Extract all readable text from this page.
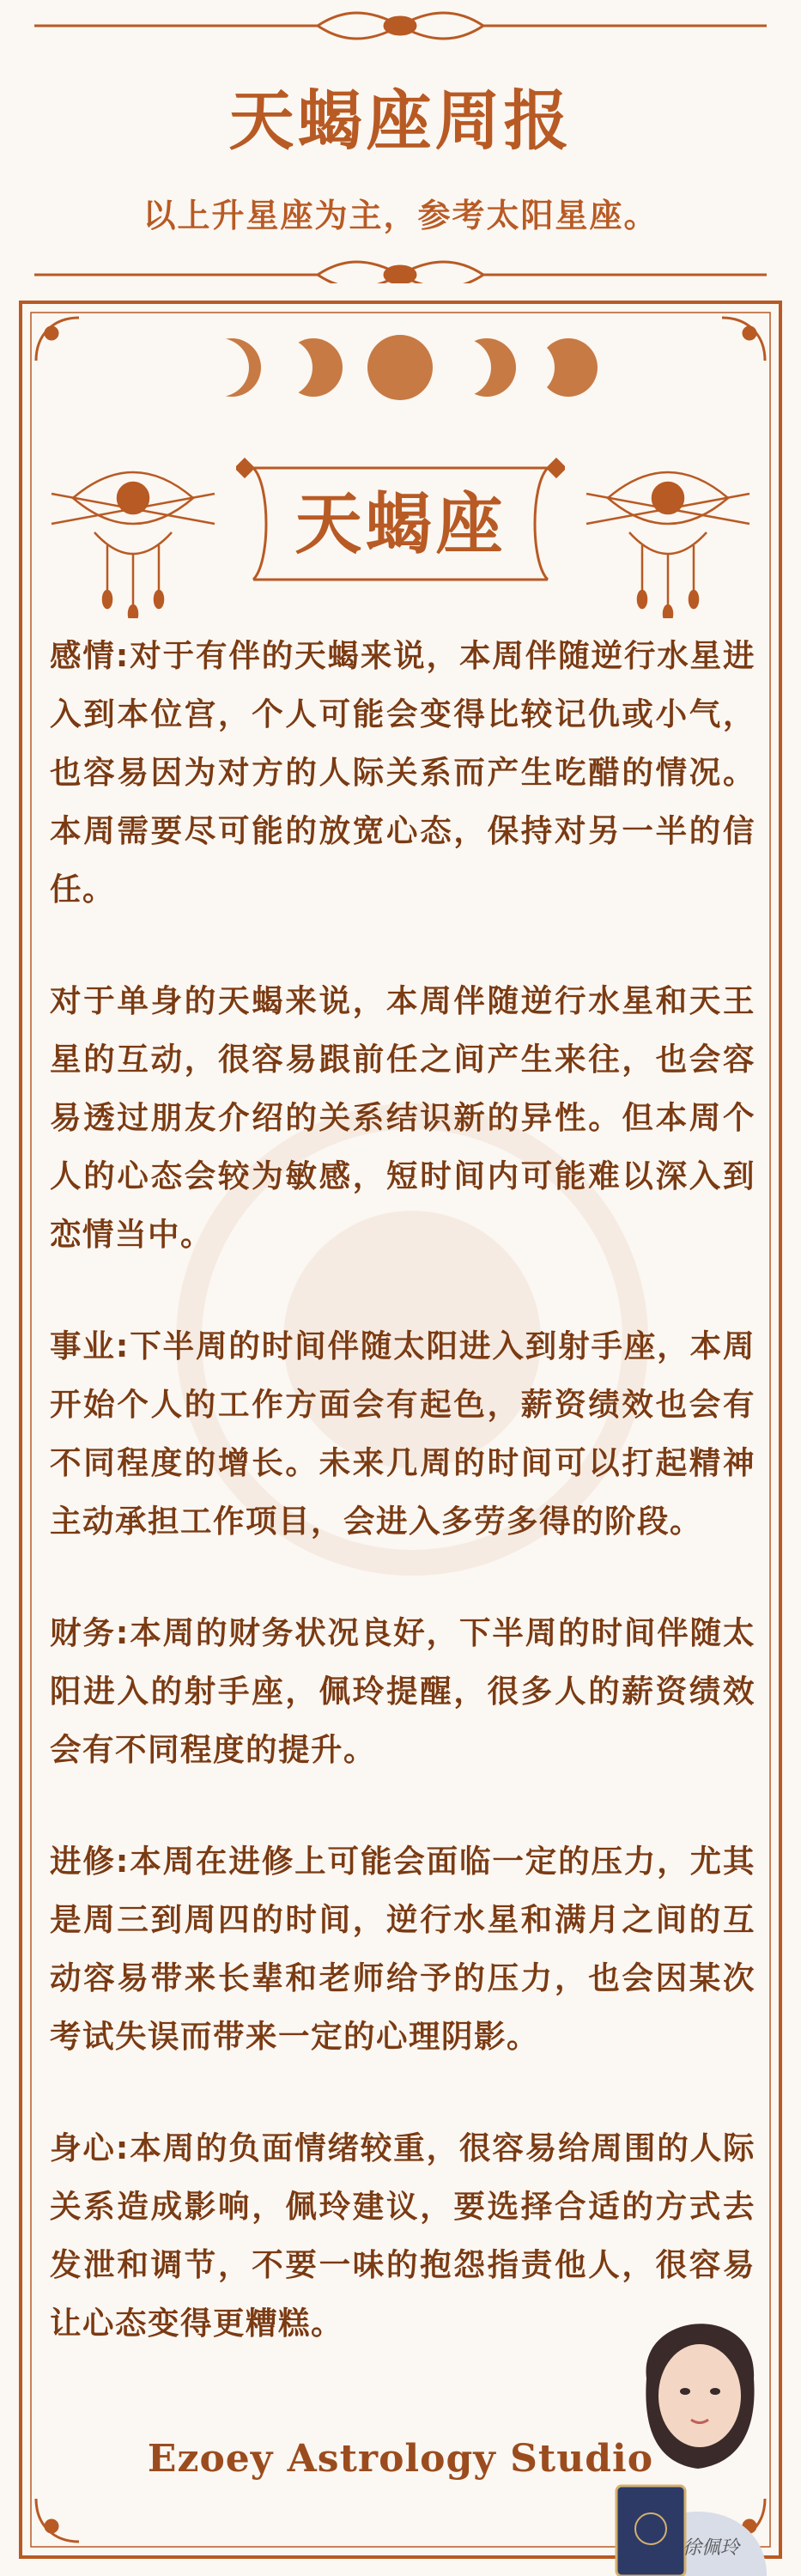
天蝎座周报

以上升星座为主，参考太阳星座。

天蝎座

感情:对于有伴的天蝎来说，本周伴随逆行水星进入到本位宫，个人可能会变得比较记仇或小气，也容易因为对方的人际关系而产生吃醋的情况。本周需要尽可能的放宽心态，保持对另一半的信任。

对于单身的天蝎来说，本周伴随逆行水星和天王星的互动，很容易跟前任之间产生来往，也会容易透过朋友介绍的关系结识新的异性。但本周个人的心态会较为敏感，短时间内可能难以深入到恋情当中。

事业:下半周的时间伴随太阳进入到射手座，本周开始个人的工作方面会有起色，薪资绩效也会有不同程度的增长。未来几周的时间可以打起精神主动承担工作项目，会进入多劳多得的阶段。

财务:本周的财务状况良好，下半周的时间伴随太阳进入的射手座，佩玲提醒，很多人的薪资绩效会有不同程度的提升。

进修:本周在进修上可能会面临一定的压力，尤其是周三到周四的时间，逆行水星和满月之间的互动容易带来长辈和老师给予的压力，也会因某次考试失误而带来一定的心理阴影。

身心:本周的负面情绪较重，很容易给周围的人际关系造成影响，佩玲建议，要选择合适的方式去发泄和调节，不要一味的抱怨指责他人，很容易让心态变得更糟糕。

Ezoey Astrology Studio
徐佩玲
